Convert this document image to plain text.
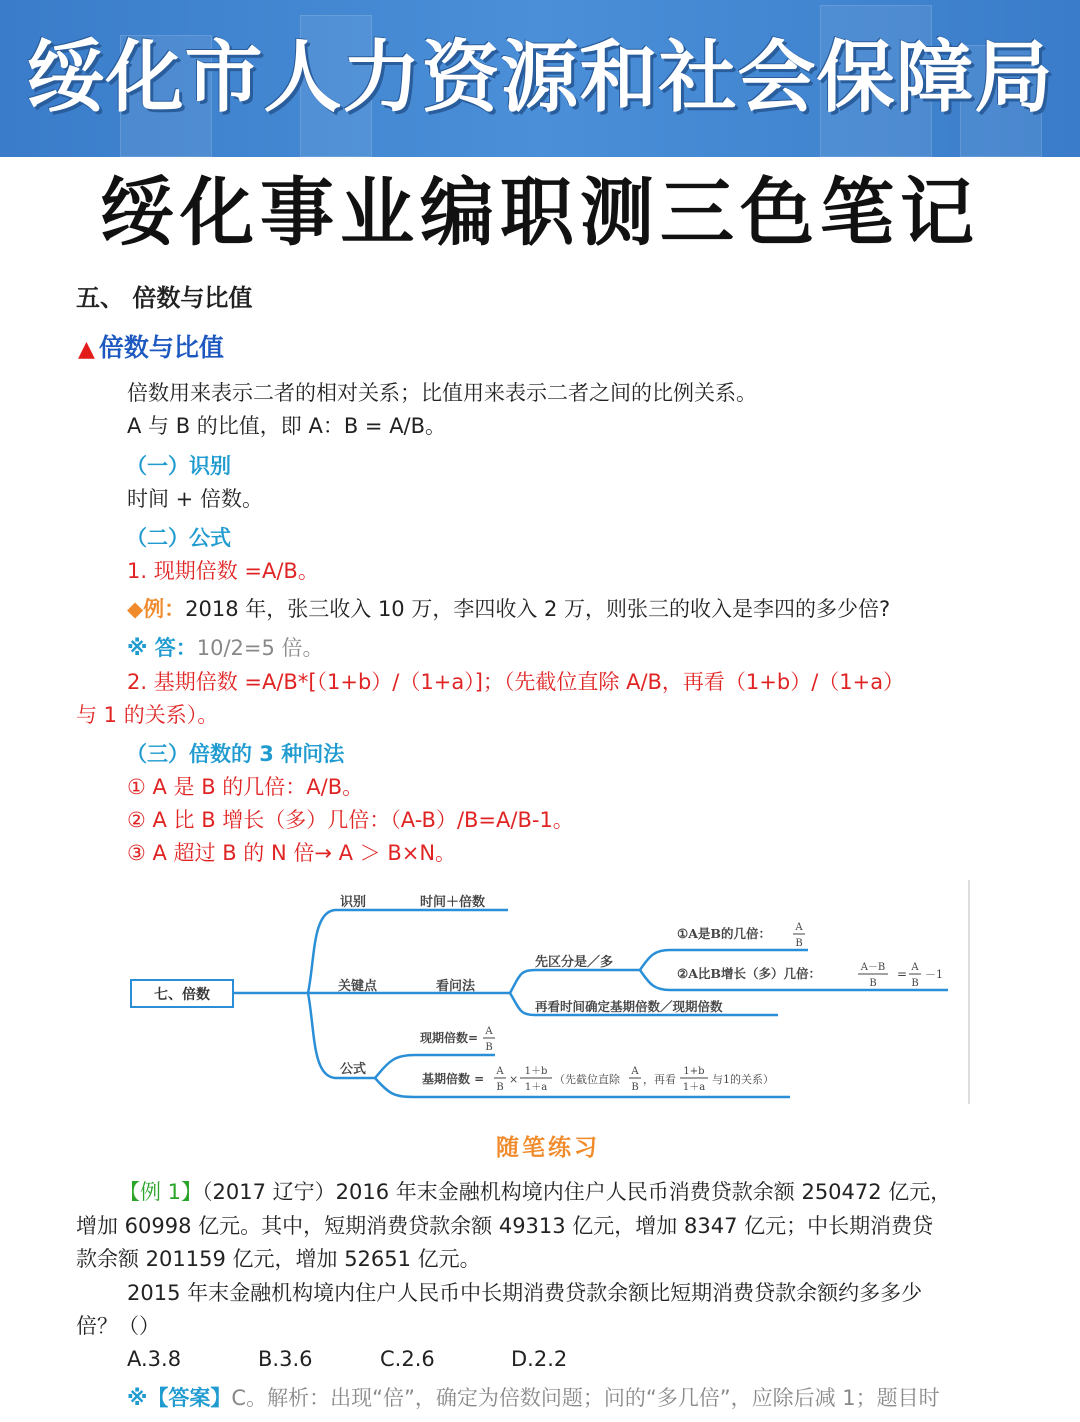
绥化市人力资源和社会保障局
绥化事业编职测三色笔记
五、 倍数与比值
▲ 倍数与比值
倍数用来表示二者的相对关系；比值用来表示二者之间的比例关系。
A 与 B 的比值，即 A：B = A/B。
（一）识别
时间 + 倍数。
（二）公式
1. 现期倍数 =A/B。
◆例：2018 年，张三收入 10 万，李四收入 2 万，则张三的收入是李四的多少倍?
※ 答：10/2=5 倍。
2. 基期倍数 =A/B*[（1+b）/（1+a）]；（先截位直除 A/B，再看（1+b）/（1+a）
与 1 的关系）。
（三）倍数的 3 种问法
① A 是 B 的几倍：A/B。
② A 比 B 增长（多）几倍：（A-B）/B=A/B-1。
③ A 超过 B 的 N 倍→ A ＞ B×N。
七、倍数
识别	时间＋倍数
关键点	看问法
先区分是／多
①A是B的几倍： A
B
②A比B增长（多）几倍：	A－B
B
= A
B
－1
再看时间确定基期倍数／现期倍数
公式
现期倍数= A
B
基期倍数 =
A
B
×
1＋b
1＋a
（先截位直除
A
B
，再看
1+b
1＋a
与1的关系）
随笔练习
【例 1】（2017 辽宁）2016 年末金融机构境内住户人民币消费贷款余额 250472 亿元，
增加 60998 亿元。其中，短期消费贷款余额 49313 亿元，增加 8347 亿元；中长期消费贷
款余额 201159 亿元，增加 52651 亿元。
2015 年末金融机构境内住户人民币中长期消费贷款余额比短期消费贷款余额约多多少
倍？（）
A.3.8	B.3.6	C.2.6	D.2.2
※【答案】C。解析：出现“倍”，确定为倍数问题；问的“多几倍”，应除后减 1；题目时
